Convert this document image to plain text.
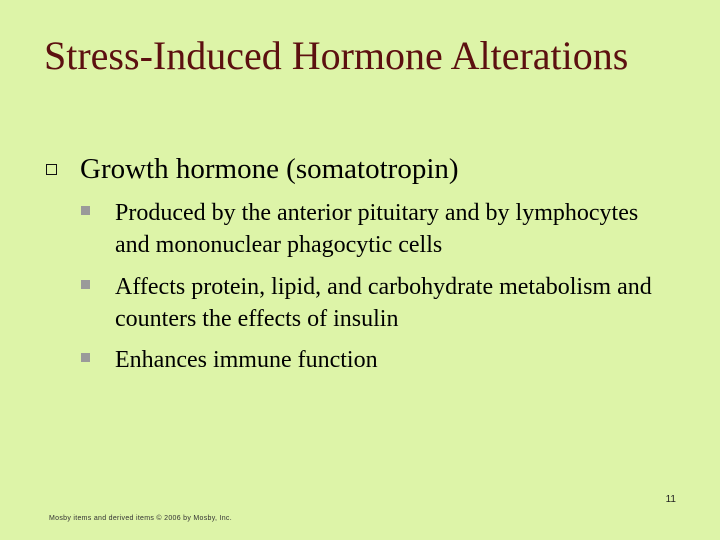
Stress-Induced Hormone Alterations
Growth hormone (somatotropin)
Produced by the anterior pituitary and by lymphocytes and mononuclear phagocytic cells
Affects protein, lipid, and carbohydrate metabolism and counters the effects of insulin
Enhances immune function
11
Mosby items and derived items © 2006 by Mosby, Inc.
